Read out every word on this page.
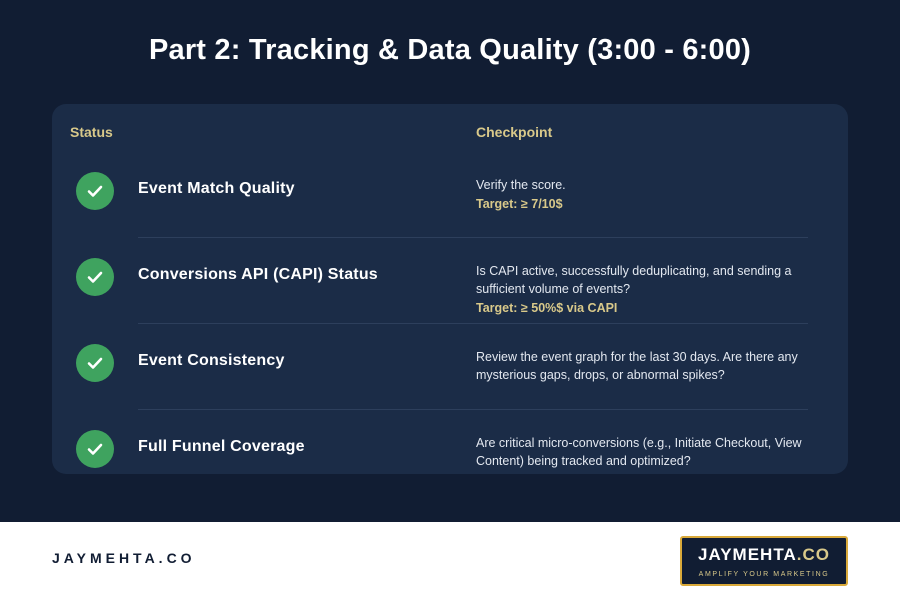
Part 2: Tracking & Data Quality (3:00 - 6:00)
Status	Checkpoint
Event Match Quality	Verify the score.
Target: ≥ 7/10$
Conversions API (CAPI) Status	Is CAPI active, successfully deduplicating, and sending a sufficient volume of events?
Target: ≥ 50%$ via CAPI
Event Consistency	Review the event graph for the last 30 days. Are there any mysterious gaps, drops, or abnormal spikes?
Full Funnel Coverage	Are critical micro-conversions (e.g., Initiate Checkout, View Content) being tracked and optimized?
JAYMEHTA.CO	JAYMEHTA.CO
AMPLIFY YOUR MARKETING
